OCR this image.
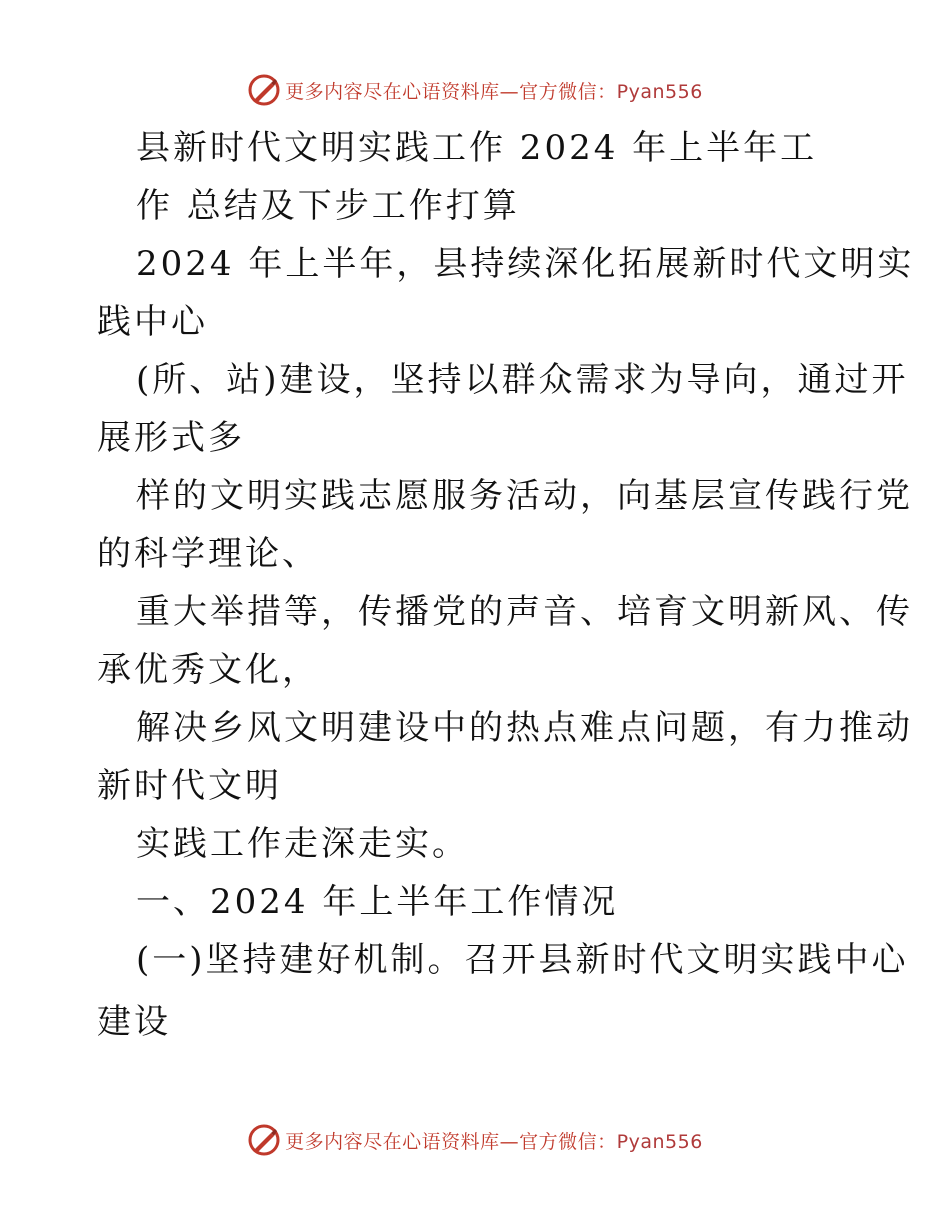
更多内容尽在心语资料库—官方微信：Pyan556
县新时代文明实践工作 2024 年上半年工
作 总结及下步工作打算
2024 年上半年，县持续深化拓展新时代文明实
践中心
(所、站)建设，坚持以群众需求为导向，通过开
展形式多
样的文明实践志愿服务活动，向基层宣传践行党
的科学理论、
重大举措等，传播党的声音、培育文明新风、传
承优秀文化，
解决乡风文明建设中的热点难点问题，有力推动
新时代文明
实践工作走深走实。
一、2024 年上半年工作情况
(一)坚持建好机制。召开县新时代文明实践中心
建设
更多内容尽在心语资料库—官方微信：Pyan556
